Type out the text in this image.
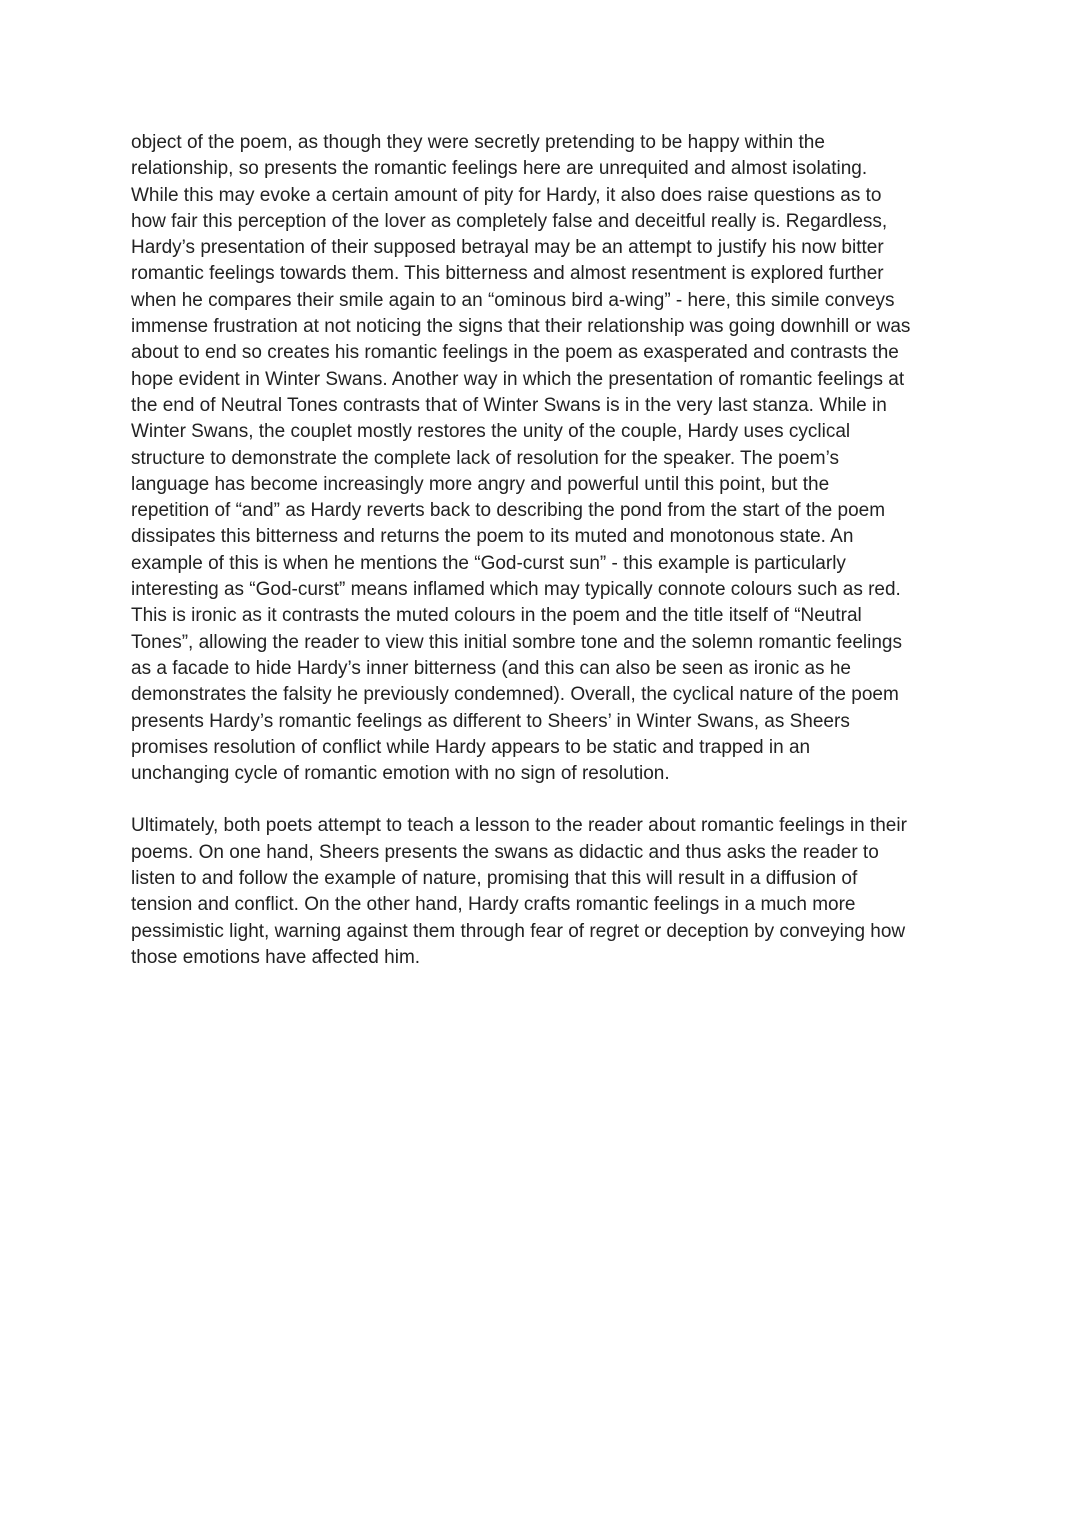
object of the poem, as though they were secretly pretending to be happy within the
relationship, so presents the romantic feelings here are unrequited and almost isolating.
While this may evoke a certain amount of pity for Hardy, it also does raise questions as to
how fair this perception of the lover as completely false and deceitful really is. Regardless,
Hardy’s presentation of their supposed betrayal may be an attempt to justify his now bitter
romantic feelings towards them. This bitterness and almost resentment is explored further
when he compares their smile again to an “ominous bird a-wing” - here, this simile conveys
immense frustration at not noticing the signs that their relationship was going downhill or was
about to end so creates his romantic feelings in the poem as exasperated and contrasts the
hope evident in Winter Swans. Another way in which the presentation of romantic feelings at
the end of Neutral Tones contrasts that of Winter Swans is in the very last stanza. While in
Winter Swans, the couplet mostly restores the unity of the couple, Hardy uses cyclical
structure to demonstrate the complete lack of resolution for the speaker. The poem’s
language has become increasingly more angry and powerful until this point, but the
repetition of “and” as Hardy reverts back to describing the pond from the start of the poem
dissipates this bitterness and returns the poem to its muted and monotonous state. An
example of this is when he mentions the “God-curst sun” - this example is particularly
interesting as “God-curst” means inflamed which may typically connote colours such as red.
This is ironic as it contrasts the muted colours in the poem and the title itself of “Neutral
Tones”, allowing the reader to view this initial sombre tone and the solemn romantic feelings
as a facade to hide Hardy’s inner bitterness (and this can also be seen as ironic as he
demonstrates the falsity he previously condemned). Overall, the cyclical nature of the poem
presents Hardy’s romantic feelings as different to Sheers’ in Winter Swans, as Sheers
promises resolution of conflict while Hardy appears to be static and trapped in an
unchanging cycle of romantic emotion with no sign of resolution.

Ultimately, both poets attempt to teach a lesson to the reader about romantic feelings in their
poems. On one hand, Sheers presents the swans as didactic and thus asks the reader to
listen to and follow the example of nature, promising that this will result in a diffusion of
tension and conflict. On the other hand, Hardy crafts romantic feelings in a much more
pessimistic light, warning against them through fear of regret or deception by conveying how
those emotions have affected him.
